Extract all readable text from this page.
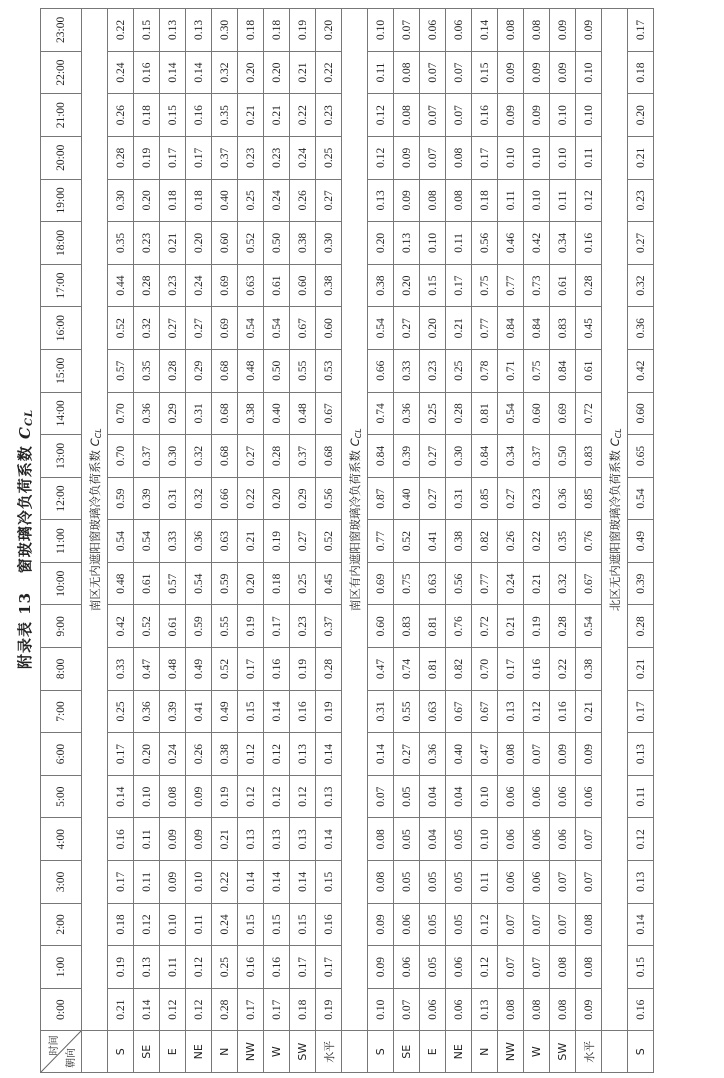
附录表 13   窗玻璃冷负荷系数 $C_{CL}$
时间
朝向	0:00	1:00	2:00	3:00	4:00	5:00	6:00	7:00	8:00	9:00	10:00	11:00	12:00	13:00	14:00	15:00	16:00	17:00	18:00	19:00	20:00	21:00	22:00	23:00
	南区无内遮阳窗玻璃冷负荷系数 $C_{CL}$
S	0.21	0.19	0.18	0.17	0.16	0.14	0.17	0.25	0.33	0.42	0.48	0.54	0.59	0.70	0.70	0.57	0.52	0.44	0.35	0.30	0.28	0.26	0.24	0.22
SE	0.14	0.13	0.12	0.11	0.11	0.10	0.20	0.36	0.47	0.52	0.61	0.54	0.39	0.37	0.36	0.35	0.32	0.28	0.23	0.20	0.19	0.18	0.16	0.15
E	0.12	0.11	0.10	0.09	0.09	0.08	0.24	0.39	0.48	0.61	0.57	0.33	0.31	0.30	0.29	0.28	0.27	0.23	0.21	0.18	0.17	0.15	0.14	0.13
NE	0.12	0.12	0.11	0.10	0.09	0.09	0.26	0.41	0.49	0.59	0.54	0.36	0.32	0.32	0.31	0.29	0.27	0.24	0.20	0.18	0.17	0.16	0.14	0.13
N	0.28	0.25	0.24	0.22	0.21	0.19	0.38	0.49	0.52	0.55	0.59	0.63	0.66	0.68	0.68	0.68	0.69	0.69	0.60	0.40	0.37	0.35	0.32	0.30
NW	0.17	0.16	0.15	0.14	0.13	0.12	0.12	0.15	0.17	0.19	0.20	0.21	0.22	0.27	0.38	0.48	0.54	0.63	0.52	0.25	0.23	0.21	0.20	0.18
W	0.17	0.16	0.15	0.14	0.13	0.12	0.12	0.14	0.16	0.17	0.18	0.19	0.20	0.28	0.40	0.50	0.54	0.61	0.50	0.24	0.23	0.21	0.20	0.18
SW	0.18	0.17	0.15	0.14	0.13	0.12	0.13	0.16	0.19	0.23	0.25	0.27	0.29	0.37	0.48	0.55	0.67	0.60	0.38	0.26	0.24	0.22	0.21	0.19
水平	0.19	0.17	0.16	0.15	0.14	0.13	0.14	0.19	0.28	0.37	0.45	0.52	0.56	0.68	0.67	0.53	0.60	0.38	0.30	0.27	0.25	0.23	0.22	0.20
	南区有内遮阳窗玻璃冷负荷系数 $C_{CL}$
S	0.10	0.09	0.09	0.08	0.08	0.07	0.14	0.31	0.47	0.60	0.69	0.77	0.87	0.84	0.74	0.66	0.54	0.38	0.20	0.13	0.12	0.12	0.11	0.10
SE	0.07	0.06	0.06	0.05	0.05	0.05	0.27	0.55	0.74	0.83	0.75	0.52	0.40	0.39	0.36	0.33	0.27	0.20	0.13	0.09	0.09	0.08	0.08	0.07
E	0.06	0.05	0.05	0.05	0.04	0.04	0.36	0.63	0.81	0.81	0.63	0.41	0.27	0.27	0.25	0.23	0.20	0.15	0.10	0.08	0.07	0.07	0.07	0.06
NE	0.06	0.06	0.05	0.05	0.05	0.04	0.40	0.67	0.82	0.76	0.56	0.38	0.31	0.30	0.28	0.25	0.21	0.17	0.11	0.08	0.08	0.07	0.07	0.06
N	0.13	0.12	0.12	0.11	0.10	0.10	0.47	0.67	0.70	0.72	0.77	0.82	0.85	0.84	0.81	0.78	0.77	0.75	0.56	0.18	0.17	0.16	0.15	0.14
NW	0.08	0.07	0.07	0.06	0.06	0.06	0.08	0.13	0.17	0.21	0.24	0.26	0.27	0.34	0.54	0.71	0.84	0.77	0.46	0.11	0.10	0.09	0.09	0.08
W	0.08	0.07	0.07	0.06	0.06	0.06	0.07	0.12	0.16	0.19	0.21	0.22	0.23	0.37	0.60	0.75	0.84	0.73	0.42	0.10	0.10	0.09	0.09	0.08
SW	0.08	0.08	0.07	0.07	0.06	0.06	0.09	0.16	0.22	0.28	0.32	0.35	0.36	0.50	0.69	0.84	0.83	0.61	0.34	0.11	0.10	0.10	0.09	0.09
水平	0.09	0.08	0.08	0.07	0.07	0.06	0.09	0.21	0.38	0.54	0.67	0.76	0.85	0.83	0.72	0.61	0.45	0.28	0.16	0.12	0.11	0.10	0.10	0.09
	北区无内遮阳窗玻璃冷负荷系数 $C_{CL}$
S	0.16	0.15	0.14	0.13	0.12	0.11	0.13	0.17	0.21	0.28	0.39	0.49	0.54	0.65	0.60	0.42	0.36	0.32	0.27	0.23	0.21	0.20	0.18	0.17
